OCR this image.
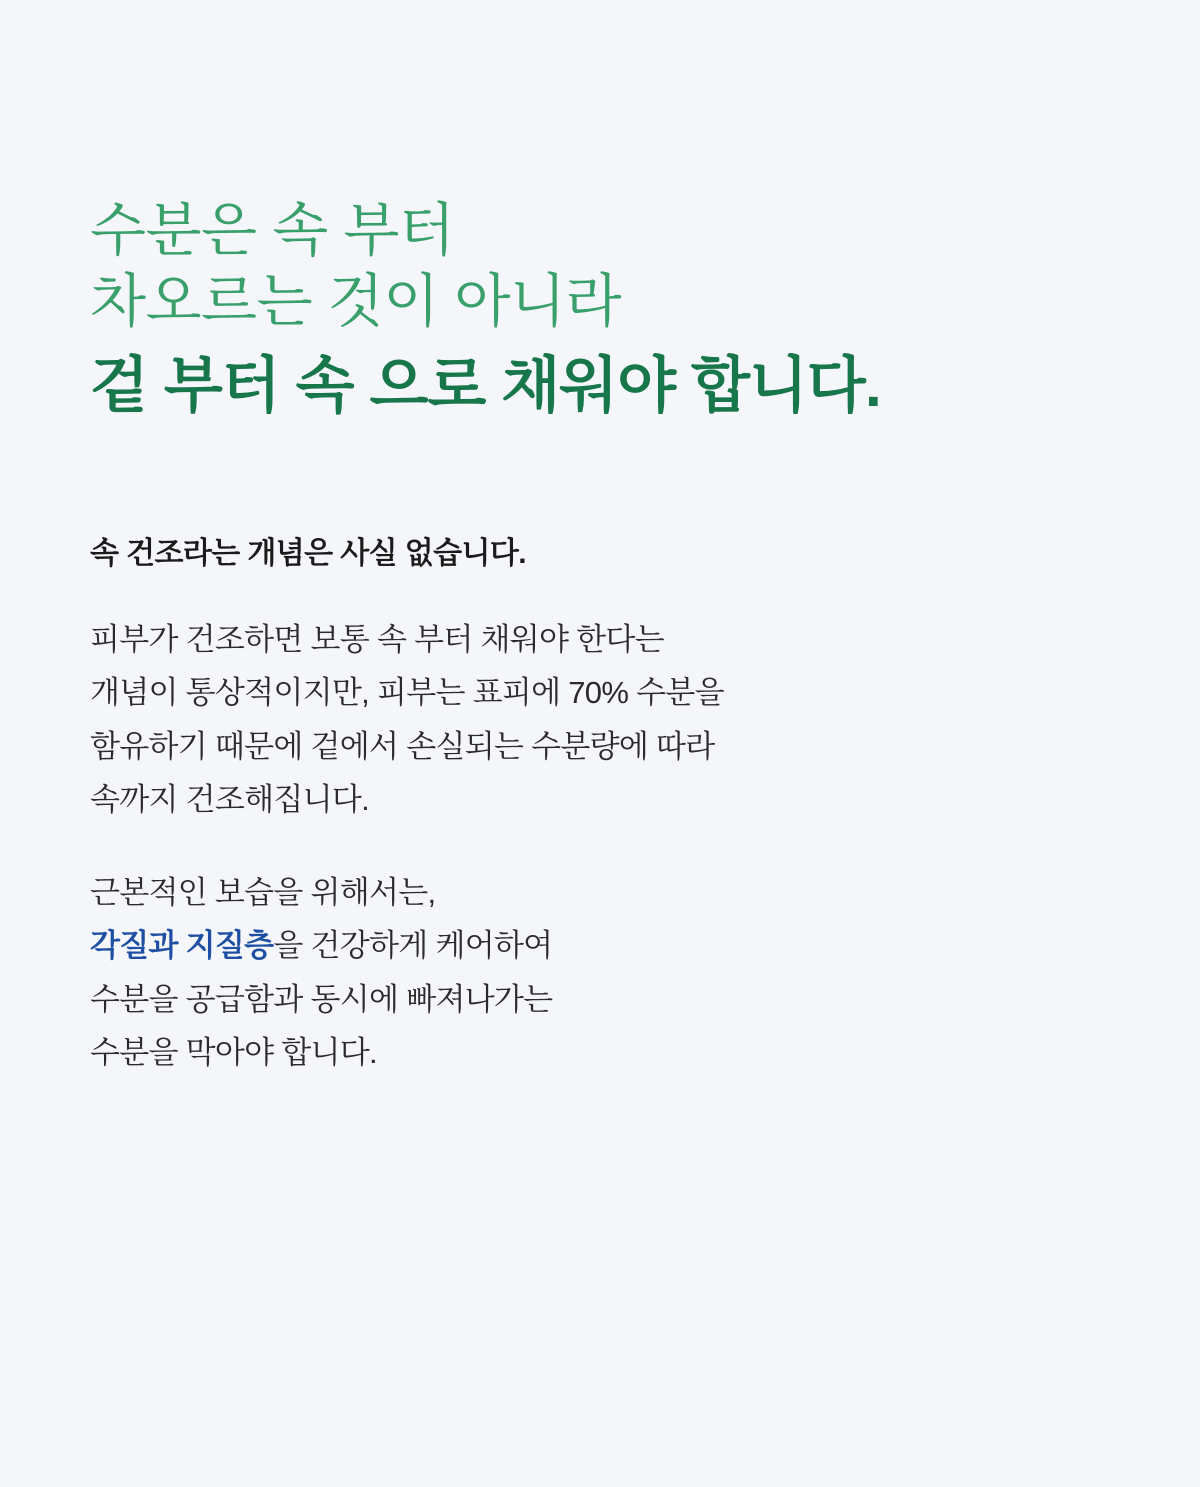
수분은 속 부터
차오르는 것이 아니라
겉 부터 속 으로 채워야 합니다.
속 건조라는 개념은 사실 없습니다.
피부가 건조하면 보통 속 부터 채워야 한다는
개념이 통상적이지만, 피부는 표피에 70% 수분을
함유하기 때문에 겉에서 손실되는 수분량에 따라
속까지 건조해집니다.
근본적인 보습을 위해서는,
각질과 지질층을 건강하게 케어하여
수분을 공급함과 동시에 빠져나가는
수분을 막아야 합니다.
